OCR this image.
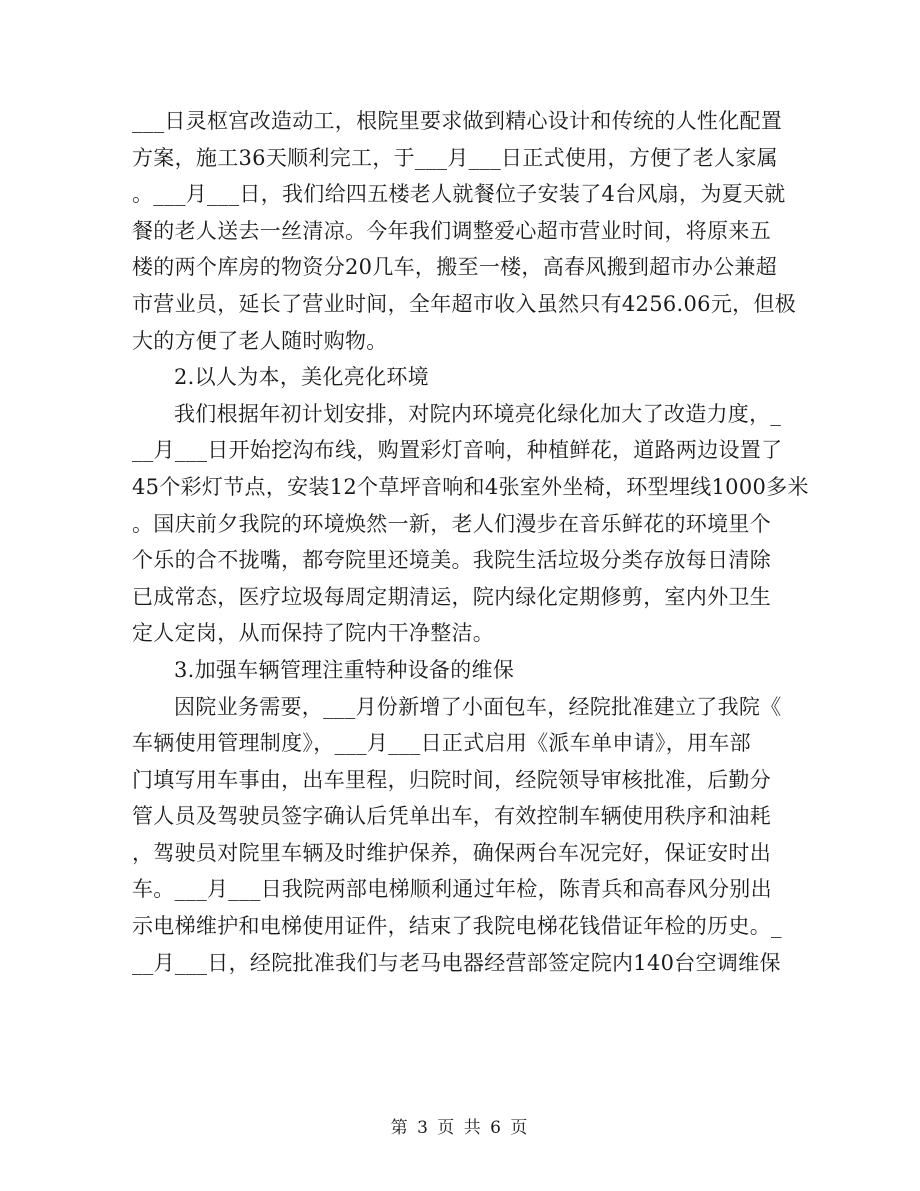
___日灵枢宫改造动工，根院里要求做到精心设计和传统的人性化配置
方案，施工36天顺利完工，于___月___日正式使用，方便了老人家属
。___月___日，我们给四五楼老人就餐位子安装了4台风扇，为夏天就
餐的老人送去一丝清凉。今年我们调整爱心超市营业时间，将原来五
楼的两个库房的物资分20几车，搬至一楼，高春风搬到超市办公兼超
市营业员，延长了营业时间，全年超市收入虽然只有4256.06元，但极
大的方便了老人随时购物。
2.以人为本，美化亮化环境
我们根据年初计划安排，对院内环境亮化绿化加大了改造力度，_
__月___日开始挖沟布线，购置彩灯音响，种植鲜花，道路两边设置了
45个彩灯节点，安装12个草坪音响和4张室外坐椅，环型埋线1000多米
。国庆前夕我院的环境焕然一新，老人们漫步在音乐鲜花的环境里个
个乐的合不拢嘴，都夸院里还境美。我院生活垃圾分类存放每日清除
已成常态，医疗垃圾每周定期清运，院内绿化定期修剪，室内外卫生
定人定岗，从而保持了院内干净整洁。
3.加强车辆管理注重特种设备的维保
因院业务需要，___月份新增了小面包车，经院批准建立了我院《
车辆使用管理制度》，___月___日正式启用《派车单申请》，用车部
门填写用车事由，出车里程，归院时间，经院领导审核批准，后勤分
管人员及驾驶员签字确认后凭单出车，有效控制车辆使用秩序和油耗
，驾驶员对院里车辆及时维护保养，确保两台车况完好，保证安时出
车。___月___日我院两部电梯顺利通过年检，陈青兵和高春风分别出
示电梯维护和电梯使用证件，结束了我院电梯花钱借证年检的历史。_
__月___日，经院批准我们与老马电器经营部签定院内140台空调维保
第 3 页 共 6 页
